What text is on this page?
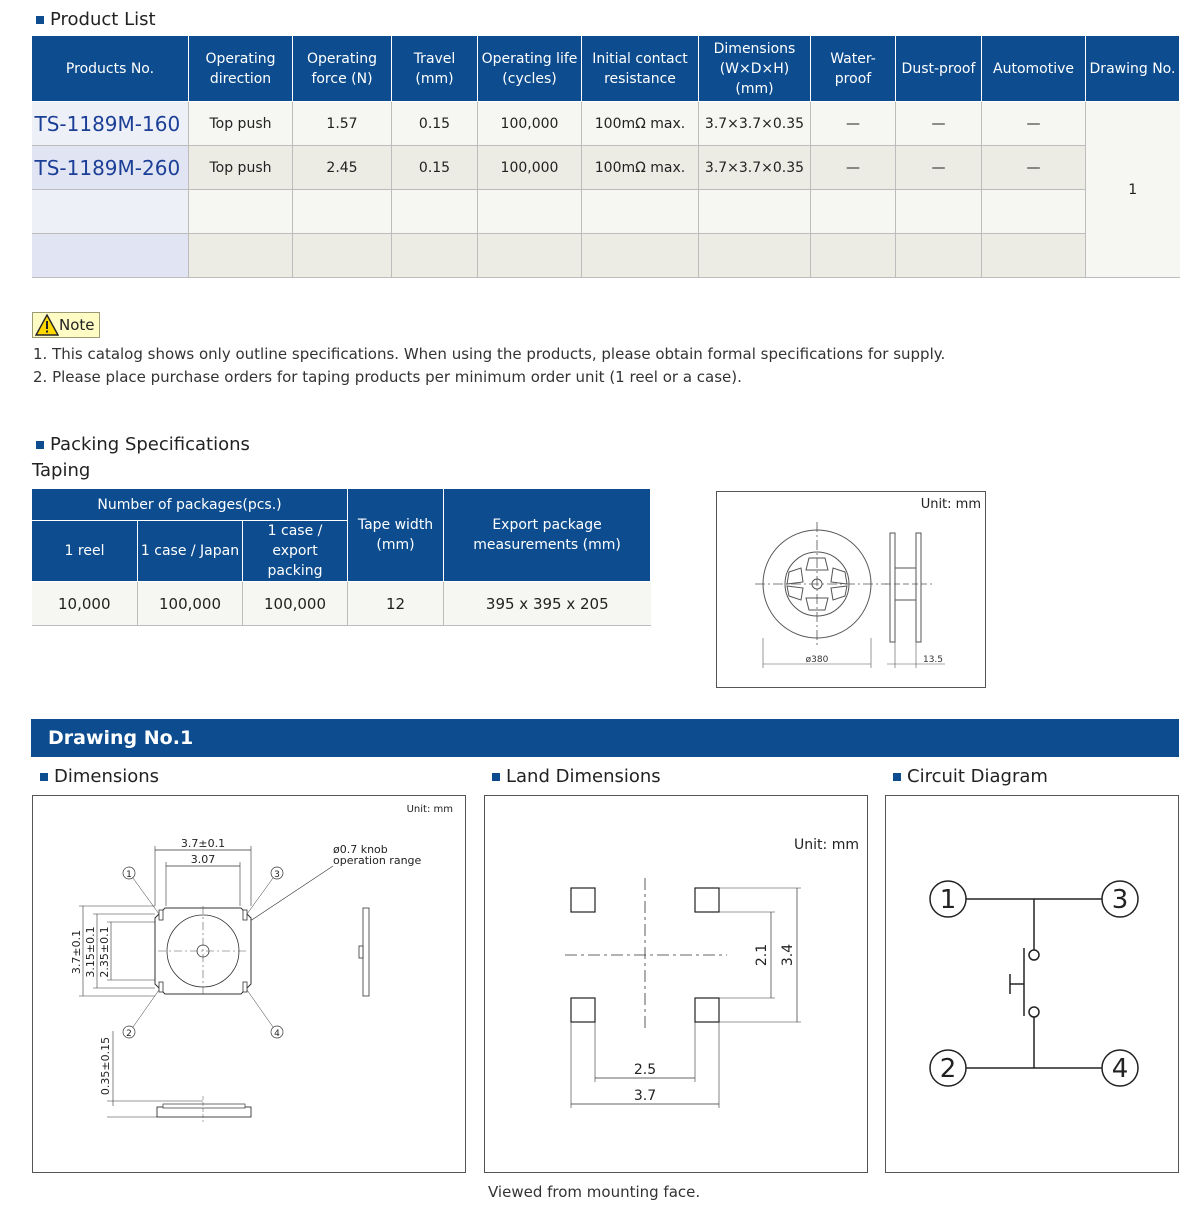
Product List
Products No.	Operating direction	Operating force (N)	Travel (mm)	Operating life (cycles)	Initial contact resistance	Dimensions (W×D×H) (mm)	Water-proof	Dust-proof	Automotive	Drawing No.
TS-1189M-160	Top push	1.57	0.15	100,000	100mΩ max.	3.7×3.7×0.35	—	—	—	1
TS-1189M-260	Top push	2.45	0.15	100,000	100mΩ max.	3.7×3.7×0.35	—	—	—	

Note
1. This catalog shows only outline specifications. When using the products, please obtain formal specifications for supply.
2. Please place purchase orders for taping products per minimum order unit (1 reel or a case).
Packing Specifications
Taping
Number of packages(pcs.)			Tape width (mm)	Export package measurements (mm)
1 reel	1 case / Japan	1 case / export packing		
10,000	100,000	100,000	12	395 x 395 x 205
Unit: mm
ø380	13.5
Drawing No.1
Dimensions	Land Dimensions	Circuit Diagram
Unit: mm
3.7±0.1
3.07
ø0.7 knob
operation range
1	3
2	4
3.7±0.1 3.15±0.1 2.35±0.1
0.35±0.15
Unit: mm
2.1 3.4
2.5
3.7
Viewed from mounting face.
1	3
2	4
